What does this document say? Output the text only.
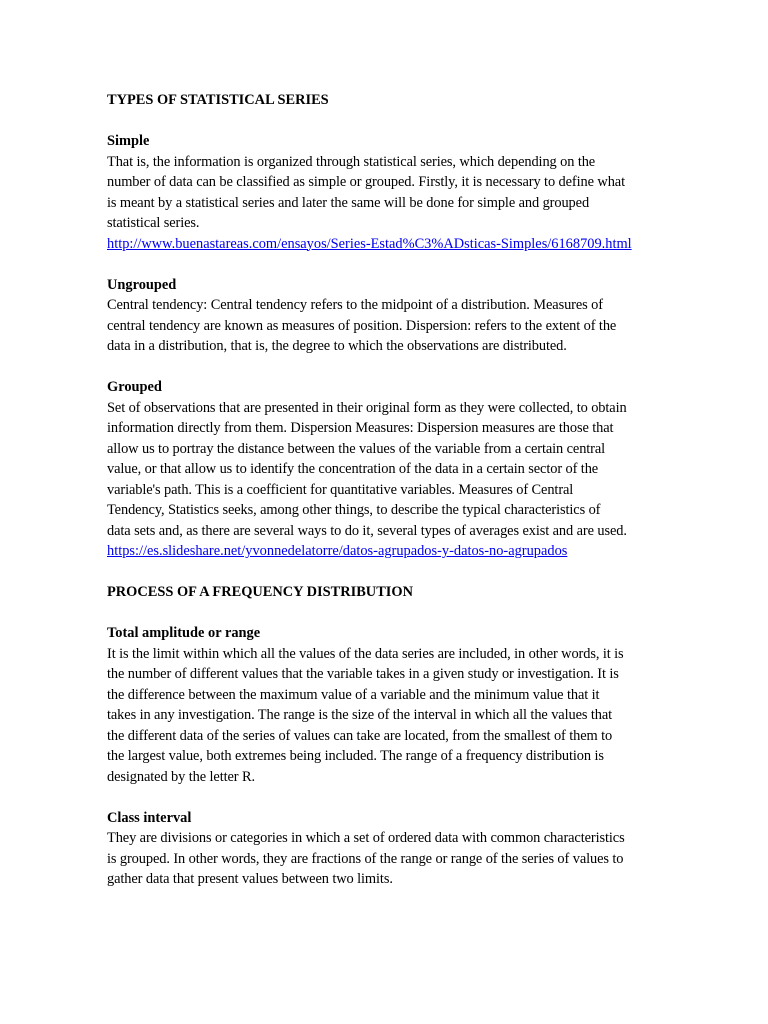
TYPES OF STATISTICAL SERIES

Simple

That is, the information is organized through statistical series, which depending on the
number of data can be classified as simple or grouped. Firstly, it is necessary to define what
is meant by a statistical series and later the same will be done for simple and grouped
statistical series.
http://www.buenastareas.com/ensayos/Series-Estad%C3%ADsticas-Simples/6168709.html

Ungrouped

Central tendency: Central tendency refers to the midpoint of a distribution. Measures of
central tendency are known as measures of position. Dispersion: refers to the extent of the
data in a distribution, that is, the degree to which the observations are distributed.

Grouped

Set of observations that are presented in their original form as they were collected, to obtain
information directly from them. Dispersion Measures: Dispersion measures are those that
allow us to portray the distance between the values of the variable from a certain central
value, or that allow us to identify the concentration of the data in a certain sector of the
variable's path. This is a coefficient for quantitative variables. Measures of Central
Tendency, Statistics seeks, among other things, to describe the typical characteristics of
data sets and, as there are several ways to do it, several types of averages exist and are used.
https://es.slideshare.net/yvonnedelatorre/datos-agrupados-y-datos-no-agrupados

PROCESS OF A FREQUENCY DISTRIBUTION

Total amplitude or range

It is the limit within which all the values of the data series are included, in other words, it is
the number of different values that the variable takes in a given study or investigation. It is
the difference between the maximum value of a variable and the minimum value that it
takes in any investigation. The range is the size of the interval in which all the values that
the different data of the series of values can take are located, from the smallest of them to
the largest value, both extremes being included. The range of a frequency distribution is
designated by the letter R.

Class interval

They are divisions or categories in which a set of ordered data with common characteristics
is grouped. In other words, they are fractions of the range or range of the series of values to
gather data that present values between two limits.
